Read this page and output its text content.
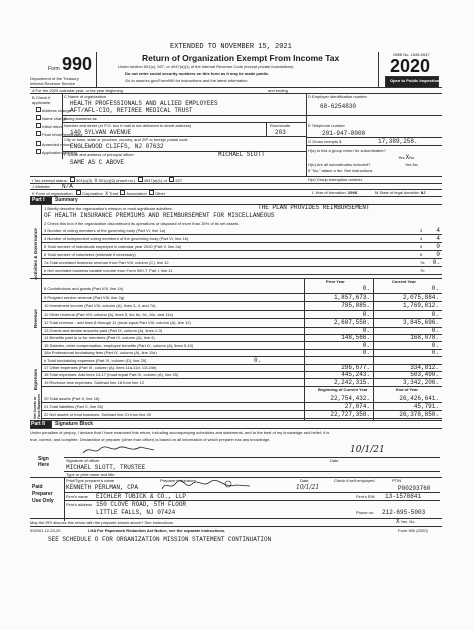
EXTENDED TO NOVEMBER 15, 2021
Form 990
Department of the Treasury Internal Revenue Service
Return of Organization Exempt From Income Tax
Under section 501(c), 527, or 4947(a)(1) of the Internal Revenue Code (except private foundations)
Do not enter social security numbers on this form as it may be made public.
Go to www.irs.gov/Form990 for instructions and the latest information.
OMB No. 1545-0047
2020
Open to Public Inspection
A For the 2020 calendar year, or tax year beginning	and ending
B Check if applicable:
Address change
Name change
Initial return
Final return/terminated
Amended return
Application pending
C Name of organization
HEALTH PROFESSIONALS AND ALLIED EMPLOYEES
AFT/AFL-CIO, RETIREE MEDICAL TRUST
Doing business as
Number and street (or P.O. box if mail is not delivered to street address)	Room/suite
140 SYLVAN AVENUE	203
City or town, state or province, country, and ZIP or foreign postal code
ENGLEWOOD CLIFFS, NJ 07632
F Name and address of principal officer:	MICHAEL SLOTT
SAME AS C ABOVE
D Employer identification number
68-6254830
E Telephone number
201-947-8000
G Gross receipts $	17,389,258.
H(a) Is this a group return for subordinates?
Yes XNo
H(b) Are all subordinates included?	Yes No
If "No," attach a list. See instructions
I Tax-exempt status:   501(c)(3)  X 501(c)(9) (insert no.) 4947(a)(1) or 527	H(c) Group exemption number
J Website: N/A
K Form of organization: Corporation X Trust Association Other	L Year of formation: 2008	M State of legal domicile: NJ
Part I Summary
Activities & Governance
1 Briefly describe the organization's mission or most significant activities:	THE PLAN PROVIDES REIMBURSEMENT
OF HEALTH INSURANCE PREMIUMS AND REIMBURSEMENT FOR MISCELLANEOUS
2 Check this box if the organization discontinued its operations or disposed of more than 25% of its net assets.
3 Number of voting members of the governing body (Part VI, line 1a)	3	4
4 Number of independent voting members of the governing body (Part VI, line 1b)	4	4
5 Total number of individuals employed in calendar year 2020 (Part V, line 2a)	5	0
6 Total number of volunteers (estimate if necessary)	6	0
7a Total unrelated business revenue from Part VIII, column (C), line 12	7a	0.
b Net unrelated business taxable income from Form 990-T, Part I, line 11	7b
Prior Year	Current Year
Revenue
8 Contributions and grants (Part VIII, line 1h)	0.	0.
9 Program service revenue (Part VIII, line 2g)	1,857,673.	2,075,884.
10 Investment income (Part VIII, column (A), lines 3, 4, and 7d)	785,885.	1,769,812.
11 Other revenue (Part VIII, column (A), lines 5, 6d, 8c, 9c, 10c, and 11e)	0.	0.
12 Total revenue - add lines 8 through 11 (must equal Part VIII, column (A), line 12)	2,687,558.	3,845,696.
Expenses
13 Grants and similar amounts paid (Part IX, column (A), lines 1-3)	0.	0.
14 Benefits paid to or for members (Part IX, column (A), line 4)	148,566.	168,078.
15 Salaries, other compensation, employee benefits (Part IX, column (A), lines 5-10)	0.	0.
16a Professional fundraising fees (Part IX, column (A), line 11e)	0.	0.
b Total fundraising expenses (Part IX, column (D), line 25)	0.
17 Other expenses (Part IX, column (A), lines 11a-11d, 11f-24e)	296,677.	334,812.
18 Total expenses. Add lines 13-17 (must equal Part IX, column (A), line 25)	445,243.	503,490.
19 Revenue less expenses. Subtract line 18 from line 12	2,242,315.	3,342,206.
Beginning of Current Year	End of Year
Net Assets or Fund Balances 20 Total assets (Part X, line 16)	22,754,432.	26,426,641.
21 Total liabilities (Part X, line 26)	27,074.	45,791.
22 Net assets or fund balances. Subtract line 21 from line 20	22,727,358.	26,378,850.
Part II Signature Block
Under penalties of perjury, I declare that I have examined this return, including accompanying schedules and statements, and to the best of my knowledge and belief, it is
true, correct, and complete. Declaration of preparer (other than officer) is based on all information of which preparer has any knowledge.
Sign Here
Signature of officer
10/1/21
Date
MICHAEL SLOTT, TRUSTEE
Type or print name and title
Paid
Preparer
Use Only
Print/Type preparer's name	Preparer's signature	Date	Check if self-employed	PTIN
KENNETH PERLMAN, CPA	10/1/21	P00293760
Firm's name EICHLER TUBICK & CO., LLP	Firm's EIN 13-1578841
Firm's address 150 CLOVE ROAD, 5TH FLOOR
LITTLE FALLS, NJ 07424	Phone no. 212-695-5003
May the IRS discuss this return with the preparer shown above? See instructions	X Yes No
032001 12-23-20	LHA For Paperwork Reduction Act Notice, see the separate instructions.	Form 990 (2020)
SEE SCHEDULE O FOR ORGANIZATION MISSION STATEMENT CONTINUATION
